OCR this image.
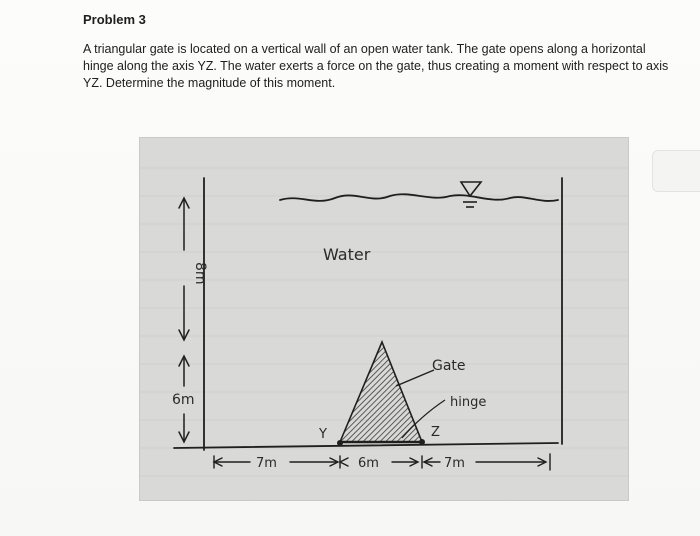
Problem 3
A triangular gate is located on a vertical wall of an open water tank. The gate opens along a horizontal hinge along the axis YZ. The water exerts a force on the gate, thus creating a moment with respect to axis YZ. Determine the magnitude of this moment.
Water
Gate
hinge
Y	Z
8m
6m
7m	6m	7m
